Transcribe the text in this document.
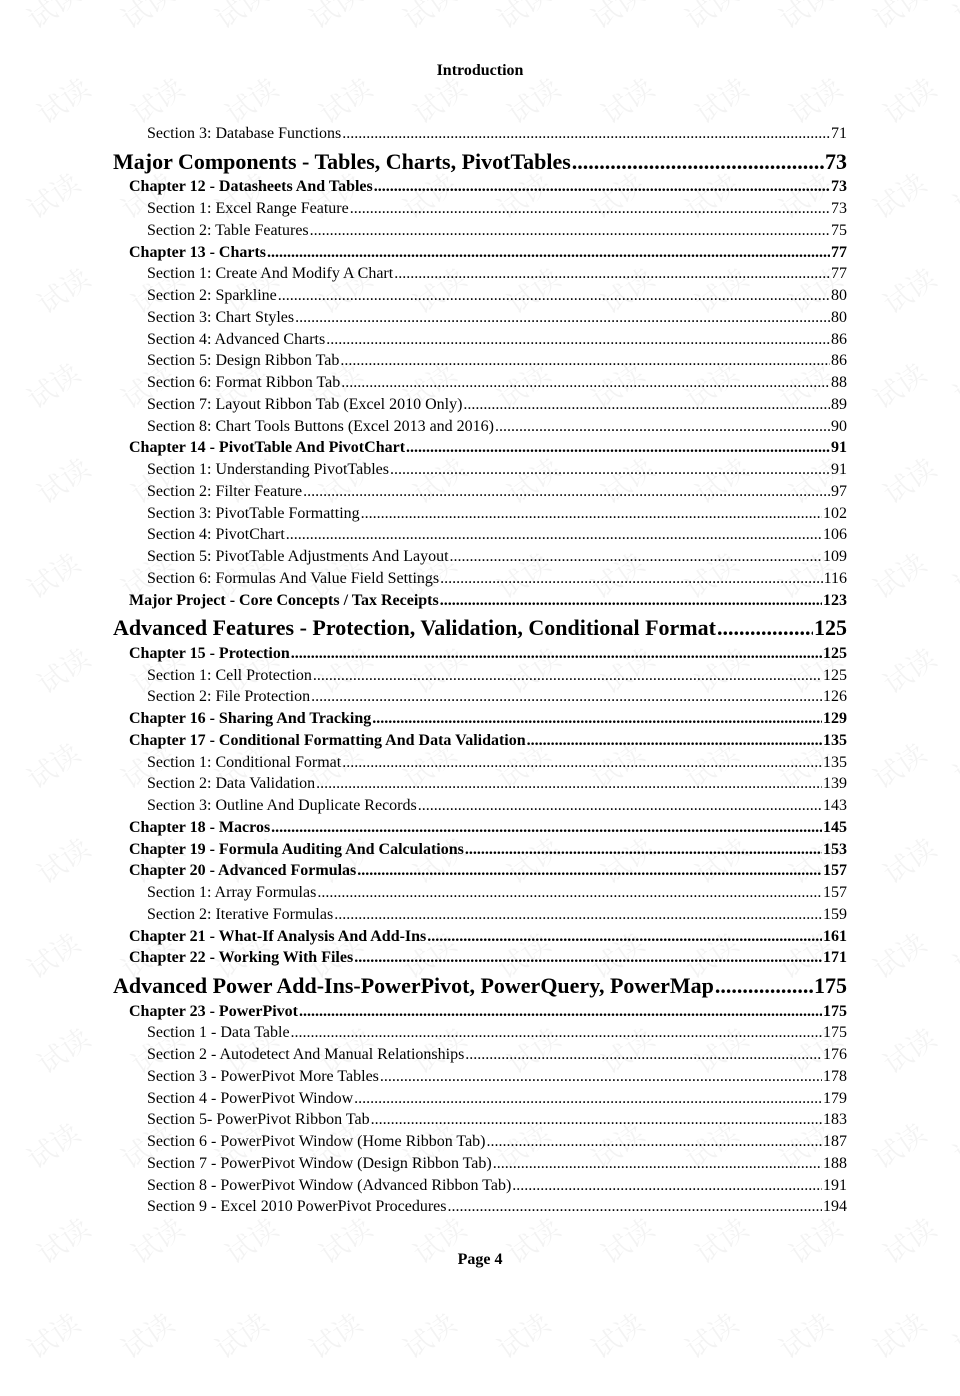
Introduction
Section 3: Database Functions .....	71
Major Components - Tables, Charts, PivotTables .....	73
Chapter 12 - Datasheets And Tables .....	73
Section 1: Excel Range Feature .....	73
Section 2: Table Features .....	75
Chapter 13 - Charts .....	77
Section 1: Create And Modify A Chart .....	77
Section 2: Sparkline .....	80
Section 3: Chart Styles .....	80
Section 4: Advanced Charts .....	86
Section 5: Design Ribbon Tab .....	86
Section 6: Format Ribbon Tab .....	88
Section 7: Layout Ribbon Tab (Excel 2010 Only) .....	89
Section 8: Chart Tools Buttons (Excel 2013 and 2016) .....	90
Chapter 14 - PivotTable And PivotChart .....	91
Section 1: Understanding PivotTables .....	91
Section 2: Filter Feature .....	97
Section 3: PivotTable Formatting .....	102
Section 4: PivotChart .....	106
Section 5: PivotTable Adjustments And Layout .....	109
Section 6: Formulas And Value Field Settings .....	116
Major Project - Core Concepts / Tax Receipts .....	123
Advanced Features - Protection, Validation, Conditional Format .....	125
Chapter 15 - Protection .....	125
Section 1: Cell Protection .....	125
Section 2: File Protection .....	126
Chapter 16 - Sharing And Tracking .....	129
Chapter 17 - Conditional Formatting And Data Validation .....	135
Section 1: Conditional Format .....	135
Section 2: Data Validation .....	139
Section 3: Outline And Duplicate Records .....	143
Chapter 18 - Macros .....	145
Chapter 19 - Formula Auditing And Calculations .....	153
Chapter 20 - Advanced Formulas .....	157
Section 1: Array Formulas .....	157
Section 2: Iterative Formulas .....	159
Chapter 21 - What-If Analysis And Add-Ins .....	161
Chapter 22 - Working With Files .....	171
Advanced Power Add-Ins-PowerPivot, PowerQuery, PowerMap .....	175
Chapter 23 - PowerPivot .....	175
Section 1 - Data Table .....	175
Section 2 - Autodetect And Manual Relationships .....	176
Section 3 - PowerPivot More Tables .....	178
Section 4 - PowerPivot Window .....	179
Section 5- PowerPivot Ribbon Tab .....	183
Section 6 - PowerPivot Window (Home Ribbon Tab) .....	187
Section 7 - PowerPivot Window (Design Ribbon Tab) .....	188
Section 8 - PowerPivot Window (Advanced Ribbon Tab) .....	191
Section 9 - Excel 2010 PowerPivot Procedures .....	194
Page 4
